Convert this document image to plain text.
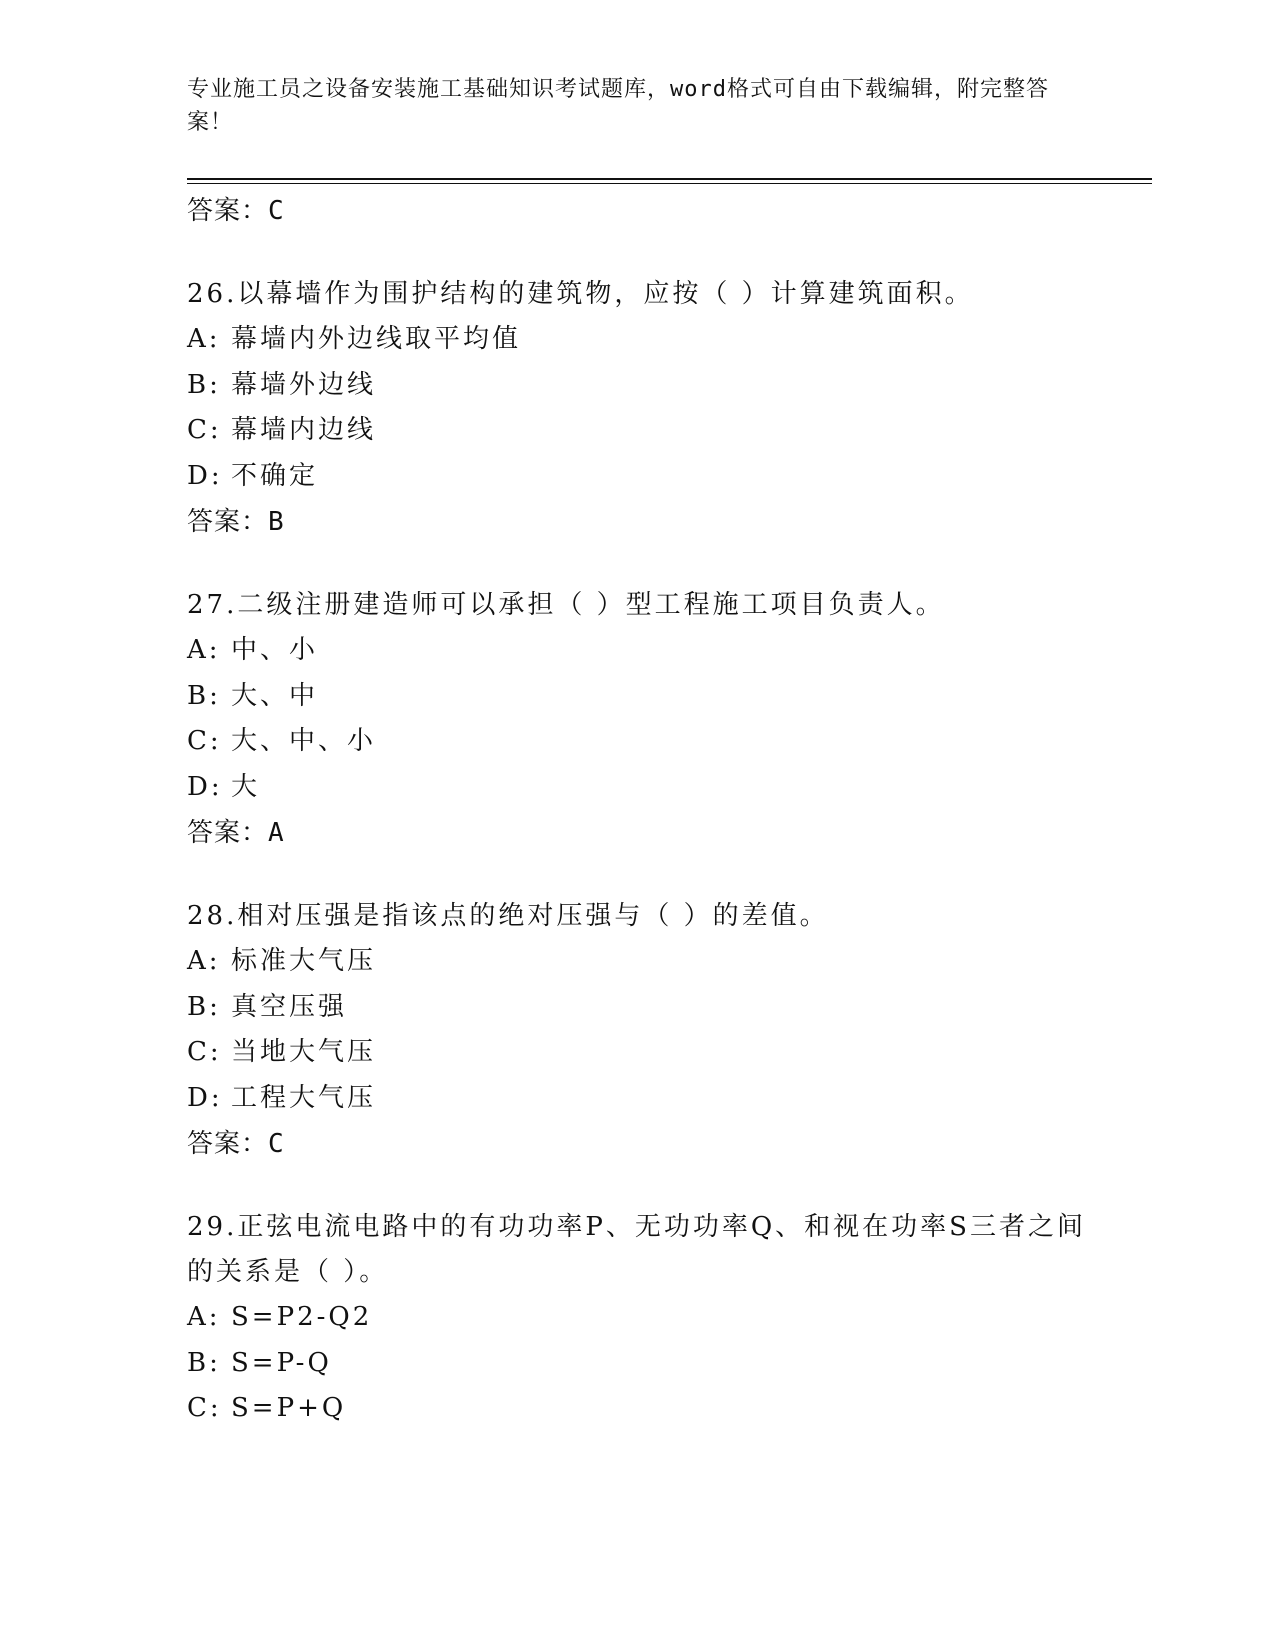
专业施工员之设备安装施工基础知识考试题库，word格式可自由下载编辑，附完整答案！
答案：C
26.以幕墙作为围护结构的建筑物，应按（ ）计算建筑面积。
A: 幕墙内外边线取平均值
B: 幕墙外边线
C: 幕墙内边线
D: 不确定
答案：B
27.二级注册建造师可以承担（ ）型工程施工项目负责人。
A: 中、小
B: 大、中
C: 大、中、小
D: 大
答案：A
28.相对压强是指该点的绝对压强与（ ）的差值。
A: 标准大气压
B: 真空压强
C: 当地大气压
D: 工程大气压
答案：C
29.正弦电流电路中的有功功率P、无功功率Q、和视在功率S三者之间的关系是（ ）。
A: S=P2-Q2
B: S=P-Q
C: S=P+Q
